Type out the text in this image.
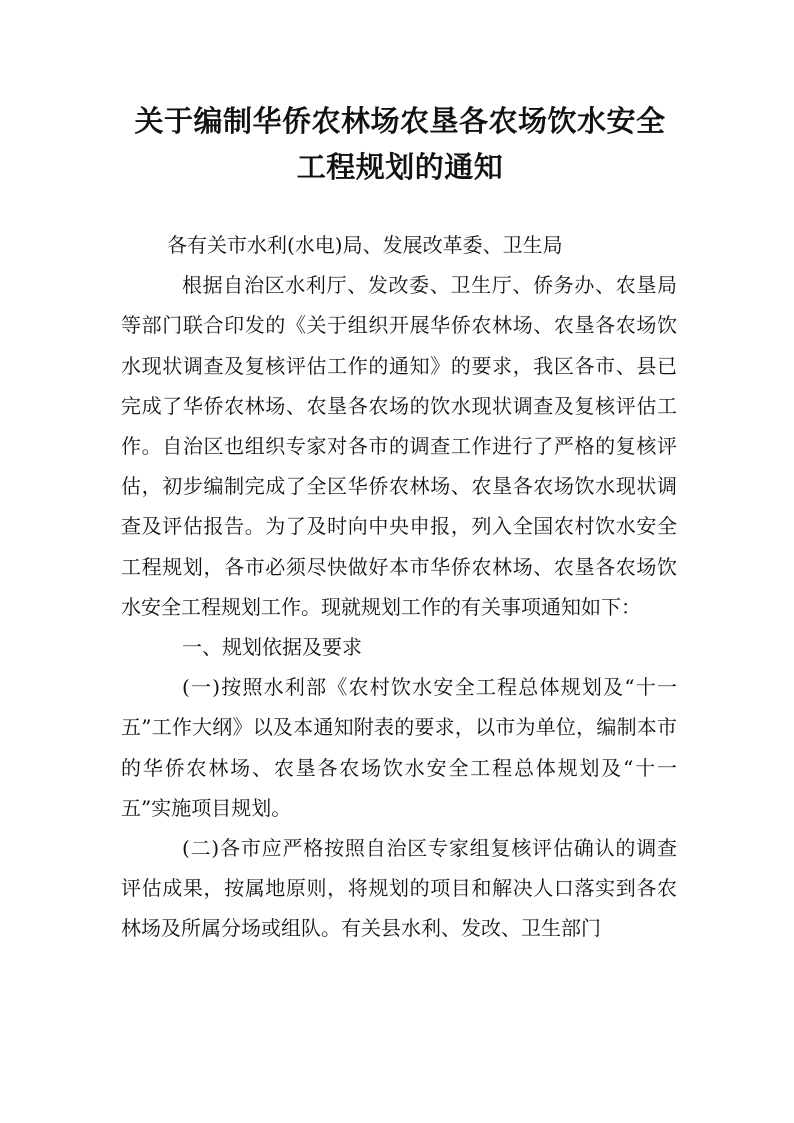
关于编制华侨农林场农垦各农场饮水安全
工程规划的通知

各有关市水利(水电)局、发展改革委、卫生局

根据自治区水利厅、发改委、卫生厅、侨务办、农垦局等部门联合印发的《关于组织开展华侨农林场、农垦各农场饮水现状调查及复核评估工作的通知》的要求，我区各市、县已完成了华侨农林场、农垦各农场的饮水现状调查及复核评估工作。自治区也组织专家对各市的调查工作进行了严格的复核评估，初步编制完成了全区华侨农林场、农垦各农场饮水现状调查及评估报告。为了及时向中央申报，列入全国农村饮水安全工程规划，各市必须尽快做好本市华侨农林场、农垦各农场饮水安全工程规划工作。现就规划工作的有关事项通知如下：

一、规划依据及要求

(一)按照水利部《农村饮水安全工程总体规划及“十一五”工作大纲》以及本通知附表的要求，以市为单位，编制本市的华侨农林场、农垦各农场饮水安全工程总体规划及“十一五”实施项目规划。

(二)各市应严格按照自治区专家组复核评估确认的调查评估成果，按属地原则，将规划的项目和解决人口落实到各农林场及所属分场或组队。有关县水利、发改、卫生部门
